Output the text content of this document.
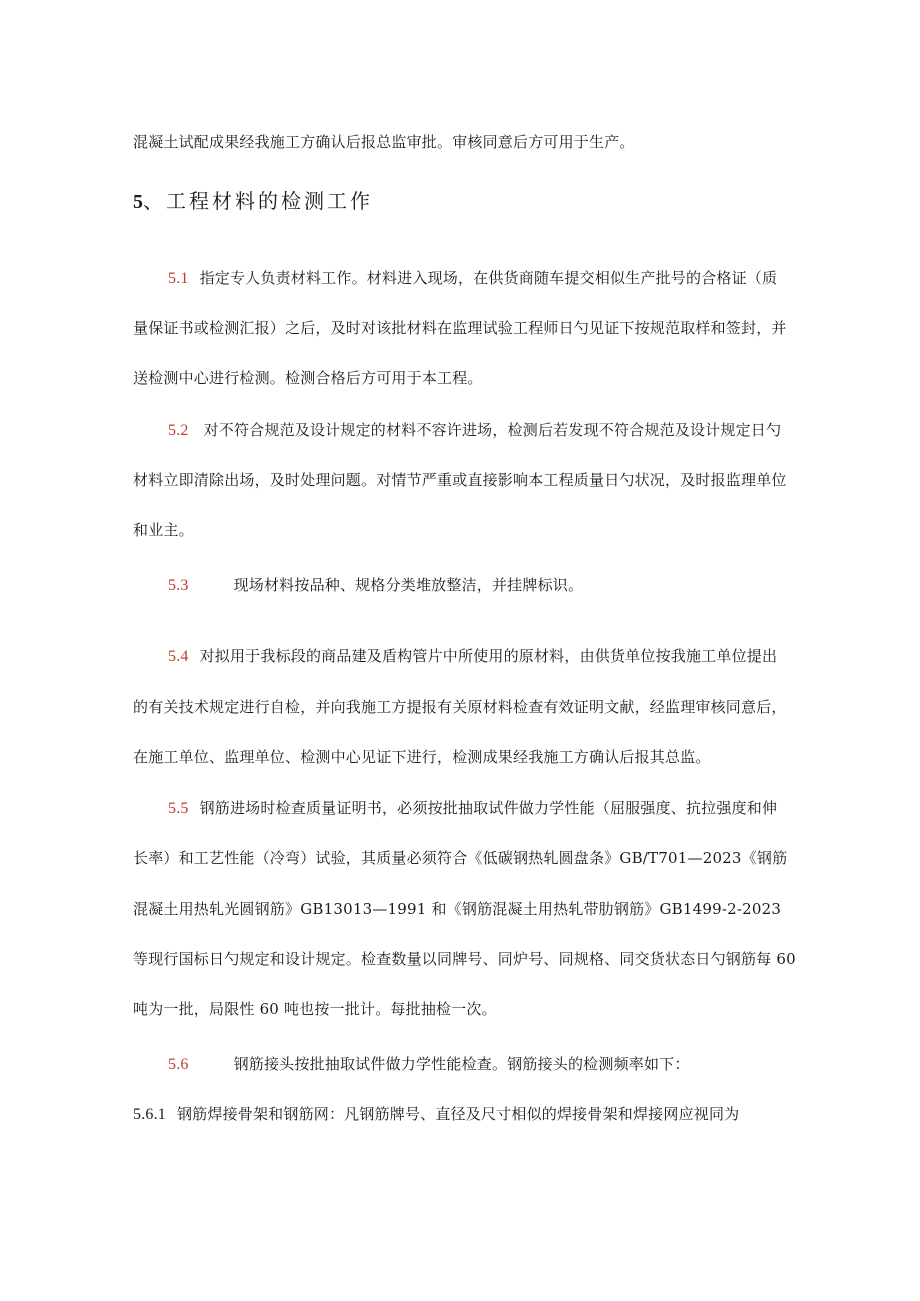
混凝土试配成果经我施工方确认后报总监审批。审核同意后方可用于生产。
5、工程材料的检测工作
5.1 指定专人负责材料工作。材料进入现场，在供货商随车提交相似生产批号的合格证（质
量保证书或检测汇报）之后，及时对该批材料在监理试验工程师日勺见证下按规范取样和签封，并
送检测中心进行检测。检测合格后方可用于本工程。
5.2 对不符合规范及设计规定的材料不容许进场，检测后若发现不符合规范及设计规定日勺
材料立即清除出场，及时处理问题。对情节严重或直接影响本工程质量日勺状况，及时报监理单位
和业主。
5.3	现场材料按品种、规格分类堆放整洁，并挂牌标识。
5.4 对拟用于我标段的商品建及盾构管片中所使用的原材料，由供货单位按我施工单位提出
的有关技术规定进行自检，并向我施工方提报有关原材料检查有效证明文献，经监理审核同意后，
在施工单位、监理单位、检测中心见证下进行，检测成果经我施工方确认后报其总监。
5.5 钢筋进场时检查质量证明书，必须按批抽取试件做力学性能（屈服强度、抗拉强度和伸
长率）和工艺性能（冷弯）试验，其质量必须符合《低碳钢热轧圆盘条》GB/T701—2023《钢筋
混凝土用热轧光圆钢筋》GB13013—1991 和《钢筋混凝土用热轧带肋钢筋》GB1499-2-2023
等现行国标日勺规定和设计规定。检查数量以同牌号、同炉号、同规格、同交货状态日勺钢筋每 60
吨为一批，局限性 60 吨也按一批计。每批抽检一次。
5.6	钢筋接头按批抽取试件做力学性能检查。钢筋接头的检测频率如下：
5.6.1 钢筋焊接骨架和钢筋网：凡钢筋牌号、直径及尺寸相似的焊接骨架和焊接网应视同为
